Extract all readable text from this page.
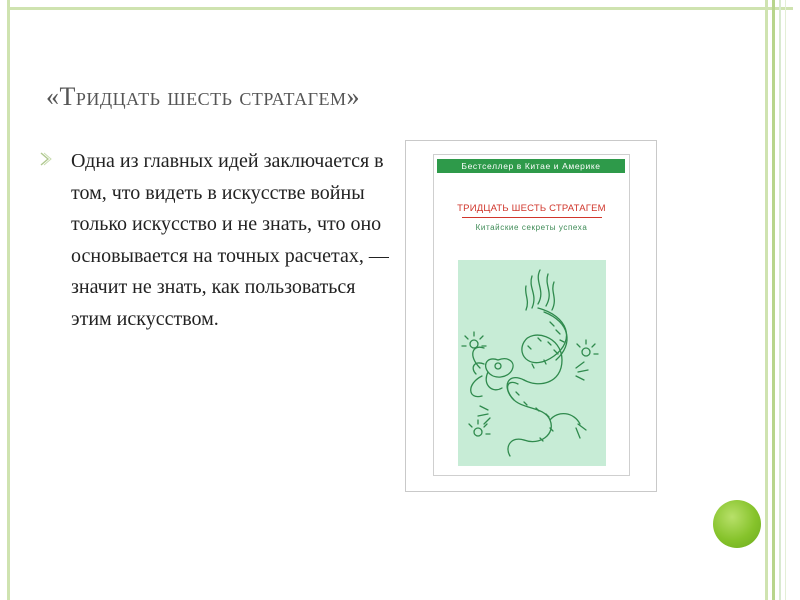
«Тридцать шесть стратагем»
Одна из главных идей заключается в том, что видеть в искусстве войны только искусство и не знать, что оно основывается на точных расчетах, — значит не знать, как пользоваться этим искусством.
Бестселлер в Китае и Америке
ТРИДЦАТЬ ШЕСТЬ СТРАТАГЕМ
Китайские секреты успеха
